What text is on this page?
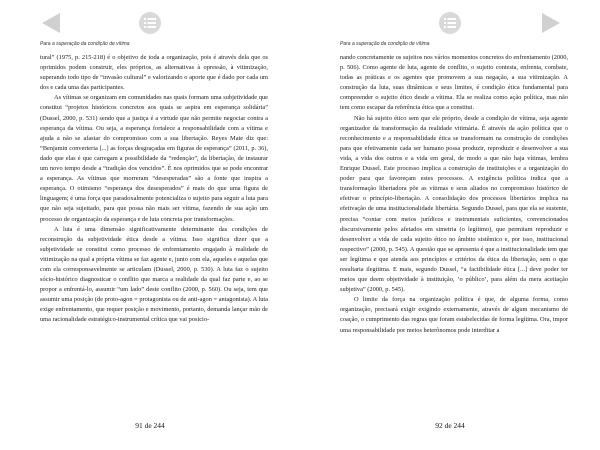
Para a superação da condição de vítima

tural” (1975, p. 215-218) é o objetivo de toda a organização, pois é através dela que os oprimidos podem construir, eles próprios, as alternativas à opressão, à vitimização, superando todo tipo de “invasão cultural” e valorizando o aporte que é dado por cada um dos e cada uma das participantes.

As vítimas se organizam em comunidades nas quais formam uma subjetividade que constitui “projetos históricos concretos aos quais se aspira em esperança solidária” (Dussel, 2000, p. 531) sendo que a justiça é a virtude que não permite negociar contra a esperança da vítima. Ou seja, a esperança fortalece a responsabilidade com a vítima e ajuda a não se afastar do compromisso com a sua libertação. Reyes Mate diz que: “Benjamin converteria [...] as forças desgraçadas em figuras de esperança” (2011, p. 36), dado que elas é que carregam a possibilidade da “redenção”, da libertação, de instaurar um novo tempo desde a “tradição dos vencidos”. É nos oprimidos que se pode encontrar a esperança. As vítimas que morreram “desesperadas” são a fonte que inspira a esperança. O otimismo “esperança dos desesperados” é mais do que uma figura de linguagem; é uma força que paradoxalmente potencializa o sujeito para seguir a luta para que não seja sujeitado, para que possa não mais ser vítima, fazendo de sua ação um processo de organização da esperança e de luta concreta por transformações.

A luta é uma dimensão significativamente determinante das condições de reconstrução da subjetividade ética desde a vítima. Isso significa dizer que a subjetividade se constitui como processo de enfrentamento engajado à realidade de vitimização na qual a própria vítima se faz agente e, junto com ela, aqueles e aquelas que com ela corresponsavelmente se articulam (Dussel, 2000, p. 530). A luta faz o sujeito sócio-histórico diagnosticar o conflito que marca a realidade da qual faz parte e, ao se propor a enfrentá-lo, assumir “um lado” deste conflito (2000, p. 560). Ou seja, tem que assumir uma posição (de proto-agon = protagonista ou de anti-agon = antagonista). A luta exige enfrentamento, que requer posição e movimento, portanto, demanda lançar mão de uma racionalidade estratégico-instrumental crítica que vai posicio-

91 de 244
Para a superação da condição de vítima

nando concretamente os sujeitos nos vários momentos concretos do enfrentamento (2000, p. 506). Como agente de luta, agente de conflito, o sujeito contesta, enfrenta, combate, todas as práticas e os agentes que promovem a sua negação, a sua vitimização. A construção da luta, suas dinâmicas e seus limites, é condição ética fundamental para compreender o sujeito ético desde a vítima. Ela se realiza como ação política, mas não tem como escapar da referência ética que a constitui.

Não há sujeito ético sem que ele próprio, desde a condição de vítima, seja agente organizador da transformação da realidade vitimária. É através da ação política que o reconhecimento e a responsabilidade ética se transformam na construção de condições para que efetivamente cada ser humano possa produzir, reproduzir e desenvolver a sua vida, a vida dos outros e a vida em geral, de modo a que não haja vítimas, lembra Enrique Dussel. Este processo implica a construção de instituições e a organização do poder para que favoreçam estes processos. A exigência política indica que a transformação libertadora põe as vítimas e seus aliados no compromisso histórico de efetivar o princípio-libertação. A consolidação dos processos libertários implica na efetivação de uma institucionalidade libertária. Segundo Dussel, para que ela se sustente, precisa “contar com meios jurídicos e instrumentais suficientes, convencionados discursivamente pelos afetados em simetria (o legítimo), que permitam reproduzir e desenvolver a vida de cada sujeito ético no âmbito sistêmico e, por isso, institucional respectivo” (2000, p. 545). A questão que se apresenta é que a institucionalidade tem que ser legítima e que atenda aos princípios e critérios da ética da libertação, sem o que resultaria ilegítima. E mais, segundo Dussel, “a factibilidade ética [...] deve poder ter meios que deem objetividade à instituição, ‘o público’, para além da mera aceitação subjetiva” (2000, p. 545).

O limite da força na organização política é que, de alguma forma, como organização, precisará exigir exigindo externamente, através de algum mecanismo de coação, o cumprimento das regras que foram estabelecidas de forma legítima. Ora, impor uma responsabilidade por meios heterônomos pode interditar a

92 de 244
